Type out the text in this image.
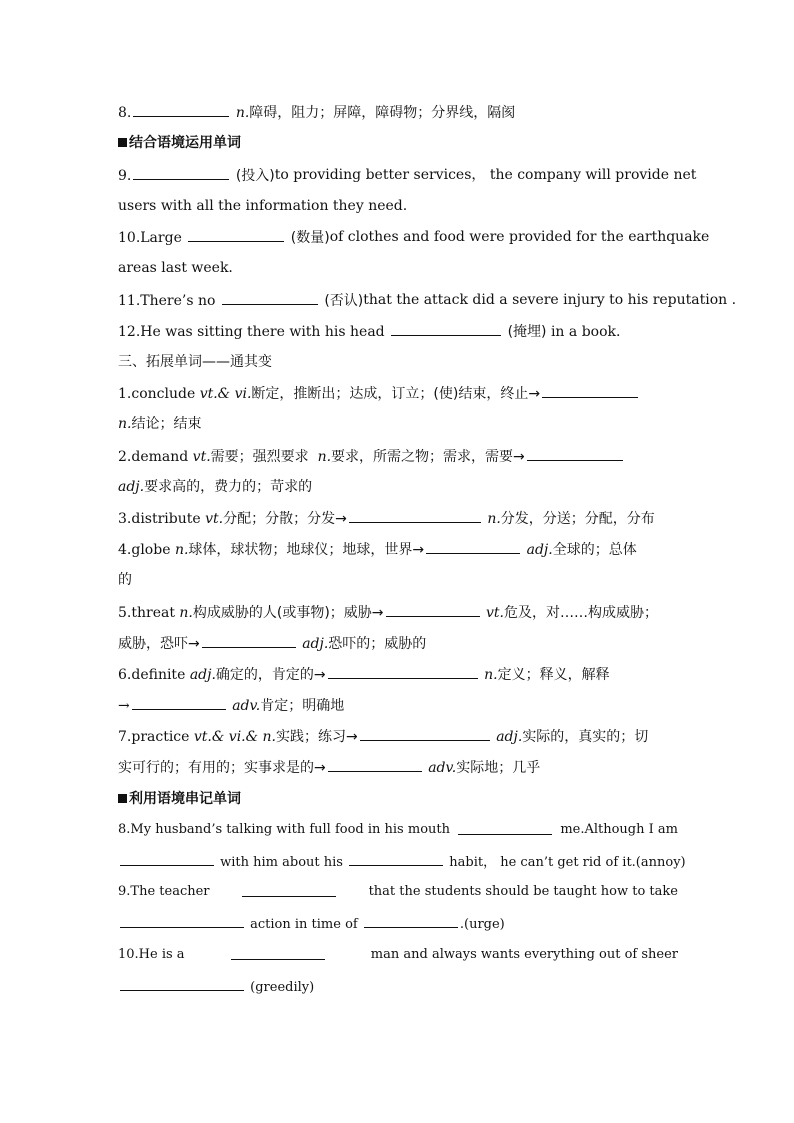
8.	n.障碍，阻力；屏障，障碍物；分界线，隔阂
结合语境运用单词
9.	(投入) to providing better services， the company will provide net
users with all the information they need.
10.Large	(数量) of clothes and food were provided for the earthquake
areas last week.
11.There’s no	(否认) that the attack did a severe injury to his reputation .
12.He was sitting there with his head	(掩埋) in a book.
三、拓展单词——通其变
1.conclude vt.& vi.断定，推断出；达成，订立；(使)结束，终止→
n.结论；结束
2.demand vt.需要；强烈要求 n.要求，所需之物；需求，需要→
adj.要求高的，费力的；苛求的
3.distribute vt.分配；分散；分发→	n.分发，分送；分配，分布
4.globe n.球体，球状物；地球仪；地球，世界→	adj.全球的；总体
的
5.threat n.构成威胁的人(或事物)；威胁→	vt.危及，对……构成威胁；
威胁，恐吓→	adj.恐吓的；威胁的
6.definite adj.确定的，肯定的→	n.定义；释义，解释
→	adv.肯定；明确地
7.practice vt.& vi.& n.实践；练习→	adj.实际的，真实的；切
实可行的；有用的；实事求是的→	adv.实际地；几乎
利用语境串记单词
8.My husband’s talking with full food in his mouth	me.Although I am
with him about his	habit， he can’t get rid of it.(annoy)
9.The teacher	that the students should be taught how to take
action in time of	.(urge)
10.He is a	man and always wants everything out of sheer
(greedily)
